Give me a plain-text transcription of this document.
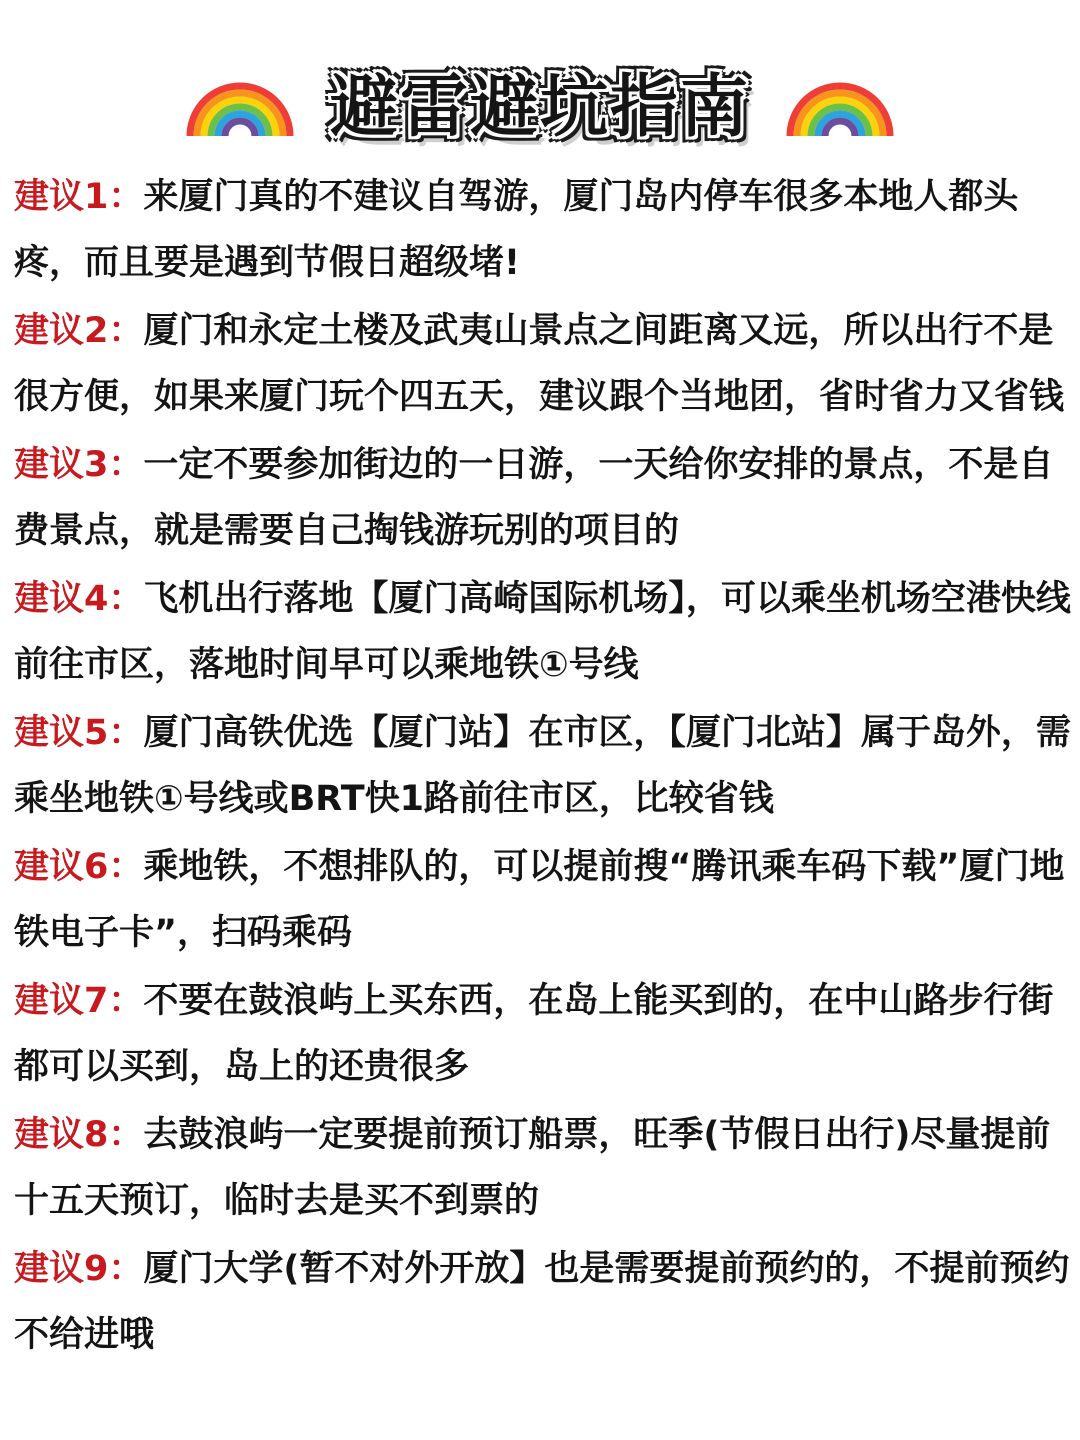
避雷避坑指南

建议1：来厦门真的不建议自驾游，厦门岛内停车很多本地人都头疼，而且要是遇到节假日超级堵!

建议2：厦门和永定土楼及武夷山景点之间距离又远，所以出行不是很方便，如果来厦门玩个四五天，建议跟个当地团，省时省力又省钱

建议3：一定不要参加街边的一日游，一天给你安排的景点，不是自费景点，就是需要自己掏钱游玩别的项目的

建议4：飞机出行落地【厦门高崎国际机场】，可以乘坐机场空港快线前往市区，落地时间早可以乘地铁①号线

建议5：厦门高铁优选【厦门站】在市区，【厦门北站】属于岛外，需乘坐地铁①号线或BRT快1路前往市区，比较省钱

建议6：乘地铁，不想排队的，可以提前搜“腾讯乘车码下载”厦门地铁电子卡”，扫码乘码

建议7：不要在鼓浪屿上买东西，在岛上能买到的，在中山路步行街都可以买到，岛上的还贵很多

建议8：去鼓浪屿一定要提前预订船票，旺季(节假日出行)尽量提前十五天预订，临时去是买不到票的

建议9：厦门大学(暂不对外开放】也是需要提前预约的，不提前预约不给进哦
